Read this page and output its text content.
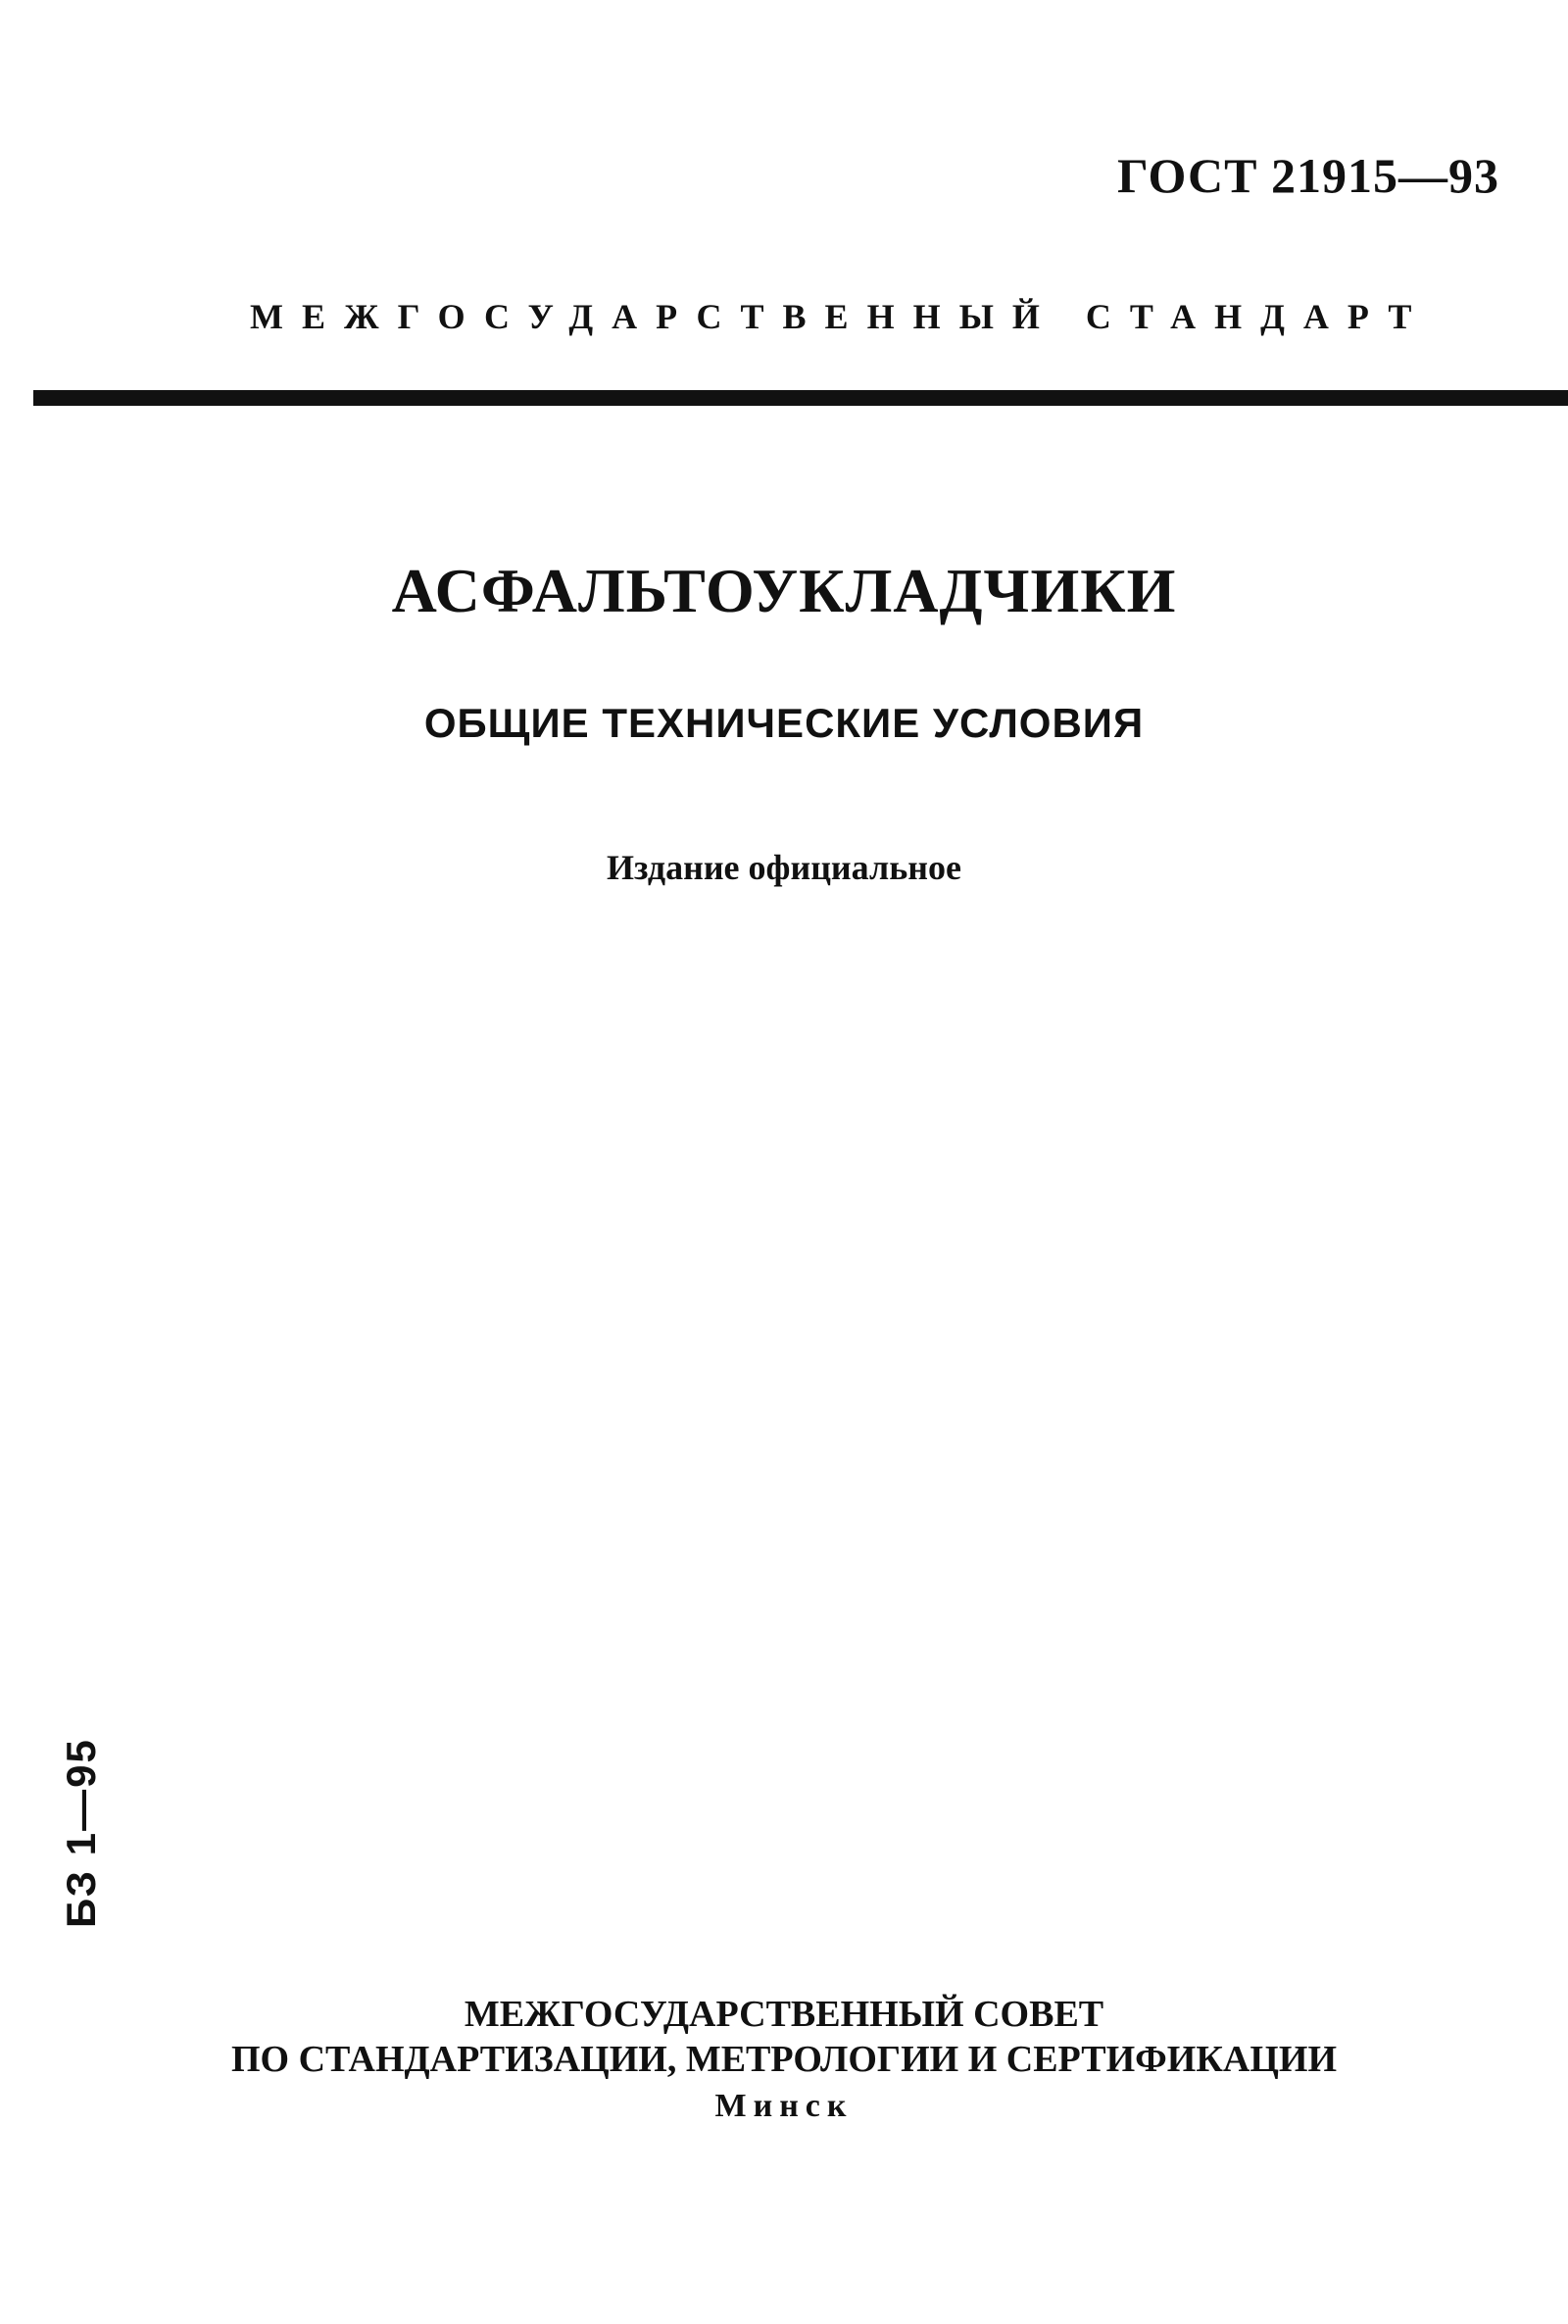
ГОСТ 21915—93
МЕЖГОСУДАРСТВЕННЫЙ СТАНДАРТ
АСФАЛЬТОУКЛАДЧИКИ
ОБЩИЕ ТЕХНИЧЕСКИЕ УСЛОВИЯ
Издание официальное
БЗ 1—95
МЕЖГОСУДАРСТВЕННЫЙ СОВЕТ
ПО СТАНДАРТИЗАЦИИ, МЕТРОЛОГИИ И СЕРТИФИКАЦИИ
Минск
